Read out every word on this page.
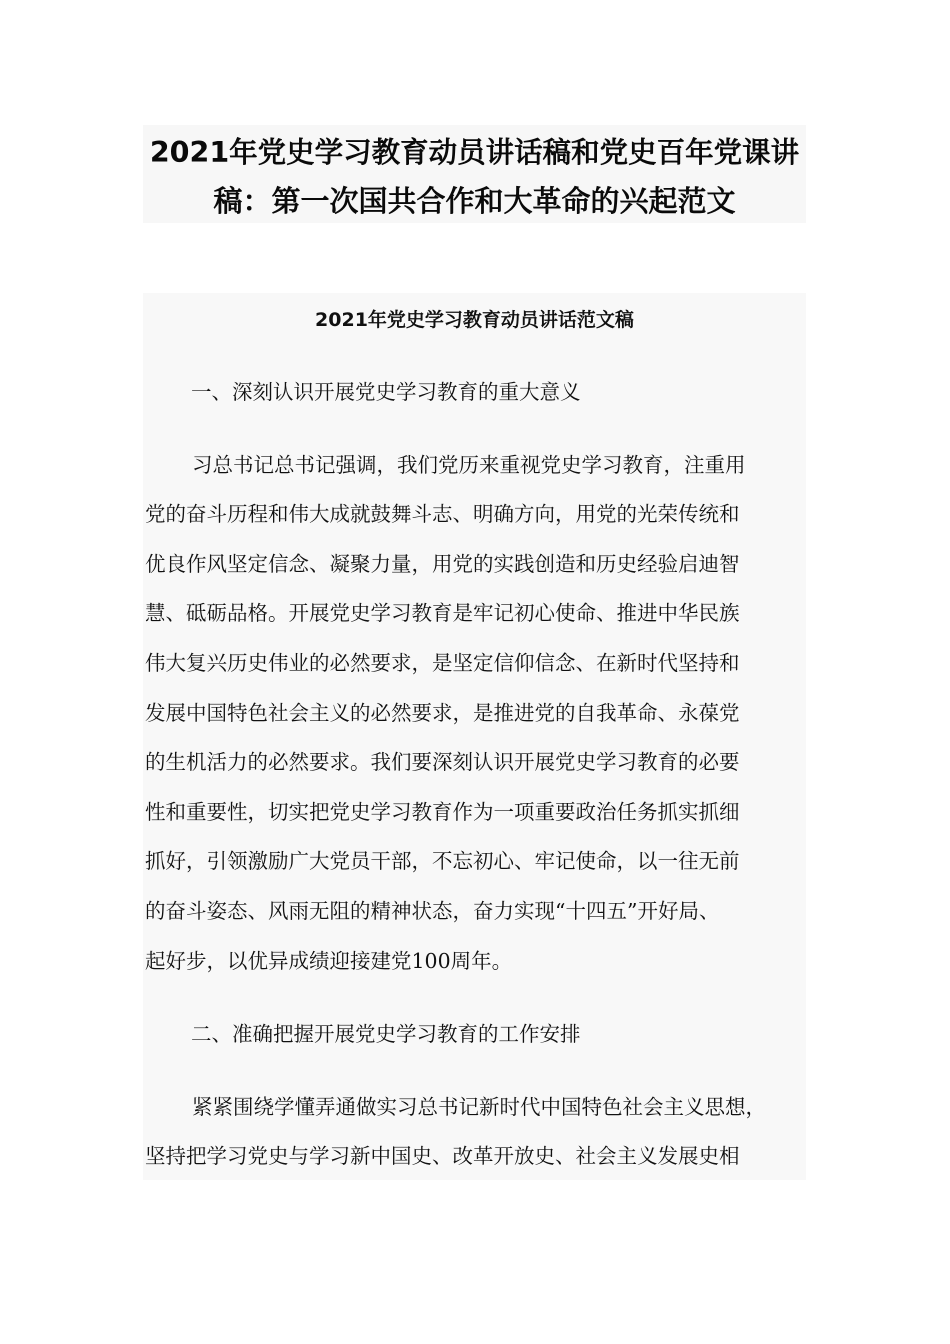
2021年党史学习教育动员讲话稿和党史百年党课讲
稿：第一次国共合作和大革命的兴起范文
2021年党史学习教育动员讲话范文稿
一、深刻认识开展党史学习教育的重大意义
习总书记总书记强调，我们党历来重视党史学习教育，注重用
党的奋斗历程和伟大成就鼓舞斗志、明确方向，用党的光荣传统和
优良作风坚定信念、凝聚力量，用党的实践创造和历史经验启迪智
慧、砥砺品格。开展党史学习教育是牢记初心使命、推进中华民族
伟大复兴历史伟业的必然要求，是坚定信仰信念、在新时代坚持和
发展中国特色社会主义的必然要求，是推进党的自我革命、永葆党
的生机活力的必然要求。我们要深刻认识开展党史学习教育的必要
性和重要性，切实把党史学习教育作为一项重要政治任务抓实抓细
抓好，引领激励广大党员干部，不忘初心、牢记使命，以一往无前
的奋斗姿态、风雨无阻的精神状态，奋力实现“十四五”开好局、
起好步，以优异成绩迎接建党100周年。
二、准确把握开展党史学习教育的工作安排
紧紧围绕学懂弄通做实习总书记新时代中国特色社会主义思想，
坚持把学习党史与学习新中国史、改革开放史、社会主义发展史相
